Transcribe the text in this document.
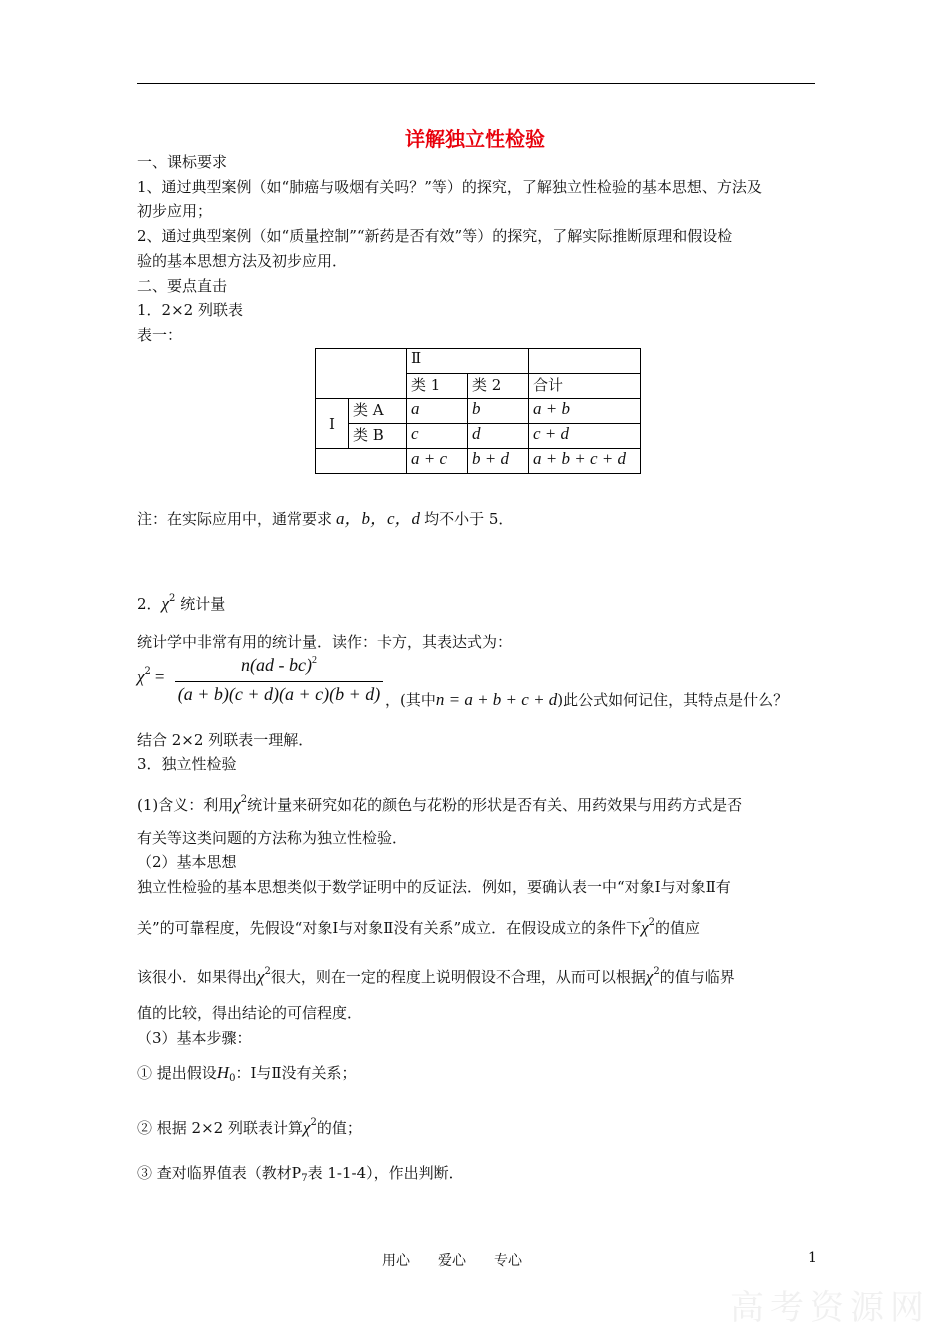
详解独立性检验
一、课标要求
1、通过典型案例（如“肺癌与吸烟有关吗？”等）的探究，了解独立性检验的基本思想、方法及
初步应用；
2、通过典型案例（如“质量控制”“新药是否有效”等）的探究，了解实际推断原理和假设检
验的基本思想方法及初步应用．
二、要点直击
1．2×2 列联表
表一：
		Ⅱ		
		类 1	类 2	合计
Ⅰ	类 A	a	b	a + b
	类 B	c	d	c + d
		a + c	b + d	a + b + c + d
注：在实际应用中，通常要求 a，b，c，d 均不小于 5．
2．$\chi^2$ 统计量
统计学中非常有用的统计量．读作：卡方，其表达式为：
$\chi^2$ =
n(ad - bc)$^2$
(a + b)(c + d)(a + c)(b + d) ，(其中n = a + b + c + d)此公式如何记住，其特点是什么？
结合 2×2 列联表一理解．
3．独立性检验
(1)含义：利用$\chi^2$统计量来研究如花的颜色与花粉的形状是否有关、用药效果与用药方式是否
有关等这类问题的方法称为独立性检验．
（2）基本思想
独立性检验的基本思想类似于数学证明中的反证法．例如，要确认表一中“对象Ⅰ与对象Ⅱ有
关”的可靠程度，先假设“对象Ⅰ与对象Ⅱ没有关系”成立．在假设成立的条件下$\chi^2$的值应
该很小．如果得出$\chi^2$很大，则在一定的程度上说明假设不合理，从而可以根据$\chi^2$的值与临界
值的比较，得出结论的可信程度．
（3）基本步骤：
① 提出假设$H_0$：Ⅰ与Ⅱ没有关系；
② 根据 2×2 列联表计算$\chi^2$的值；
③ 查对临界值表（教材$P_7$表 1-1-4），作出判断．
用心　　爱心　　专心	1
高考资源网
